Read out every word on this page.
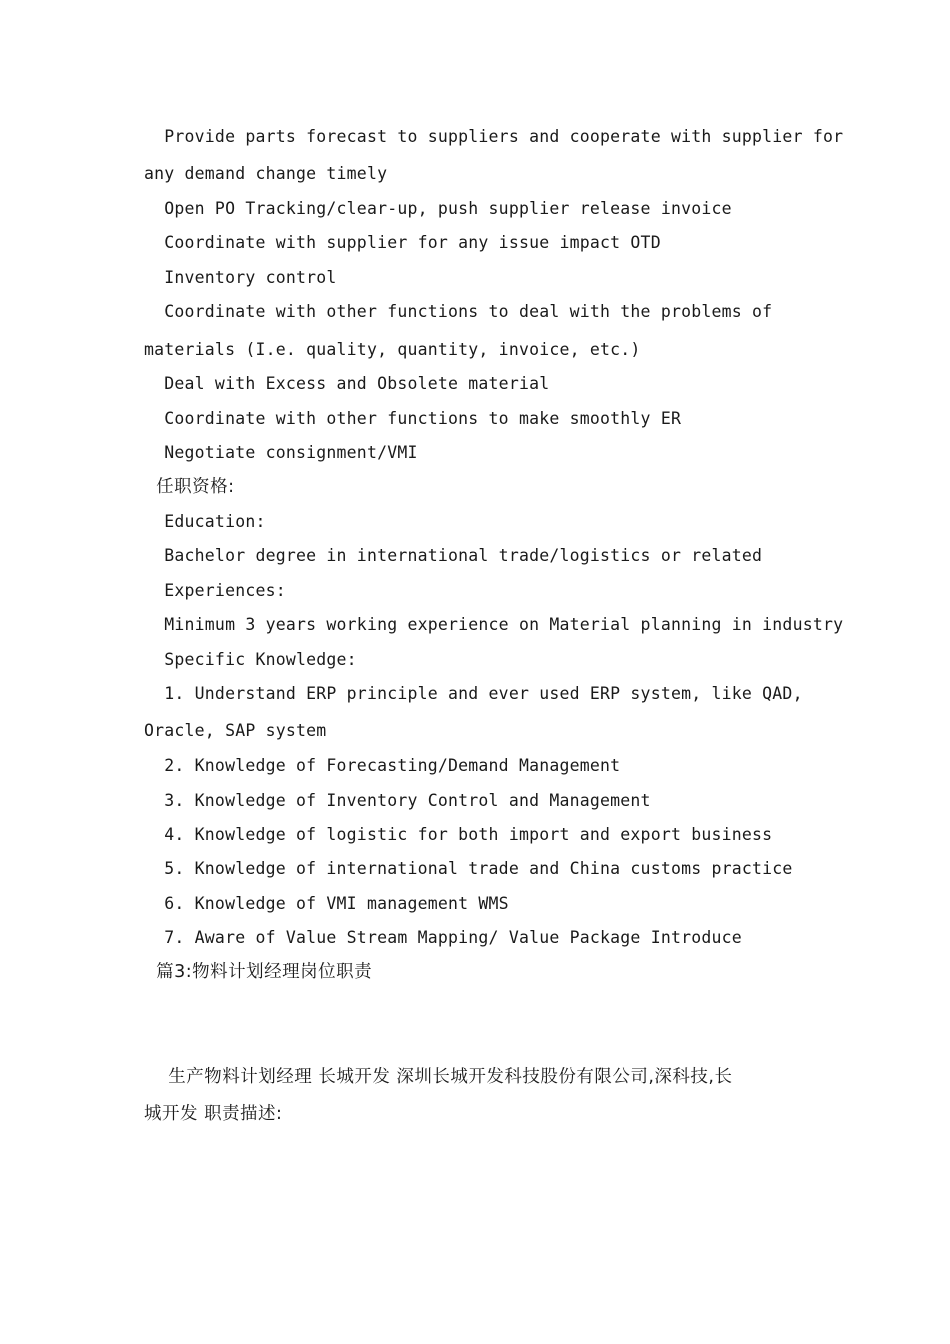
Provide parts forecast to suppliers and cooperate with supplier for
any demand change timely
Open PO Tracking/clear-up, push supplier release invoice
Coordinate with supplier for any issue impact OTD
Inventory control
Coordinate with other functions to deal with the problems of
materials (I.e. quality, quantity, invoice, etc.)
Deal with Excess and Obsolete material
Coordinate with other functions to make smoothly ER
Negotiate consignment/VMI
任职资格:
Education:
Bachelor degree in international trade/logistics or related
Experiences:
Minimum 3 years working experience on Material planning in industry
Specific Knowledge:
1. Understand ERP principle and ever used ERP system, like QAD,
Oracle, SAP system
2. Knowledge of Forecasting/Demand Management
3. Knowledge of Inventory Control and Management
4. Knowledge of logistic for both import and export business
5. Knowledge of international trade and China customs practice
6. Knowledge of VMI management WMS
7. Aware of Value Stream Mapping/ Value Package Introduce
篇3:物料计划经理岗位职责
生产物料计划经理 长城开发 深圳长城开发科技股份有限公司,深科技,长
城开发 职责描述:
